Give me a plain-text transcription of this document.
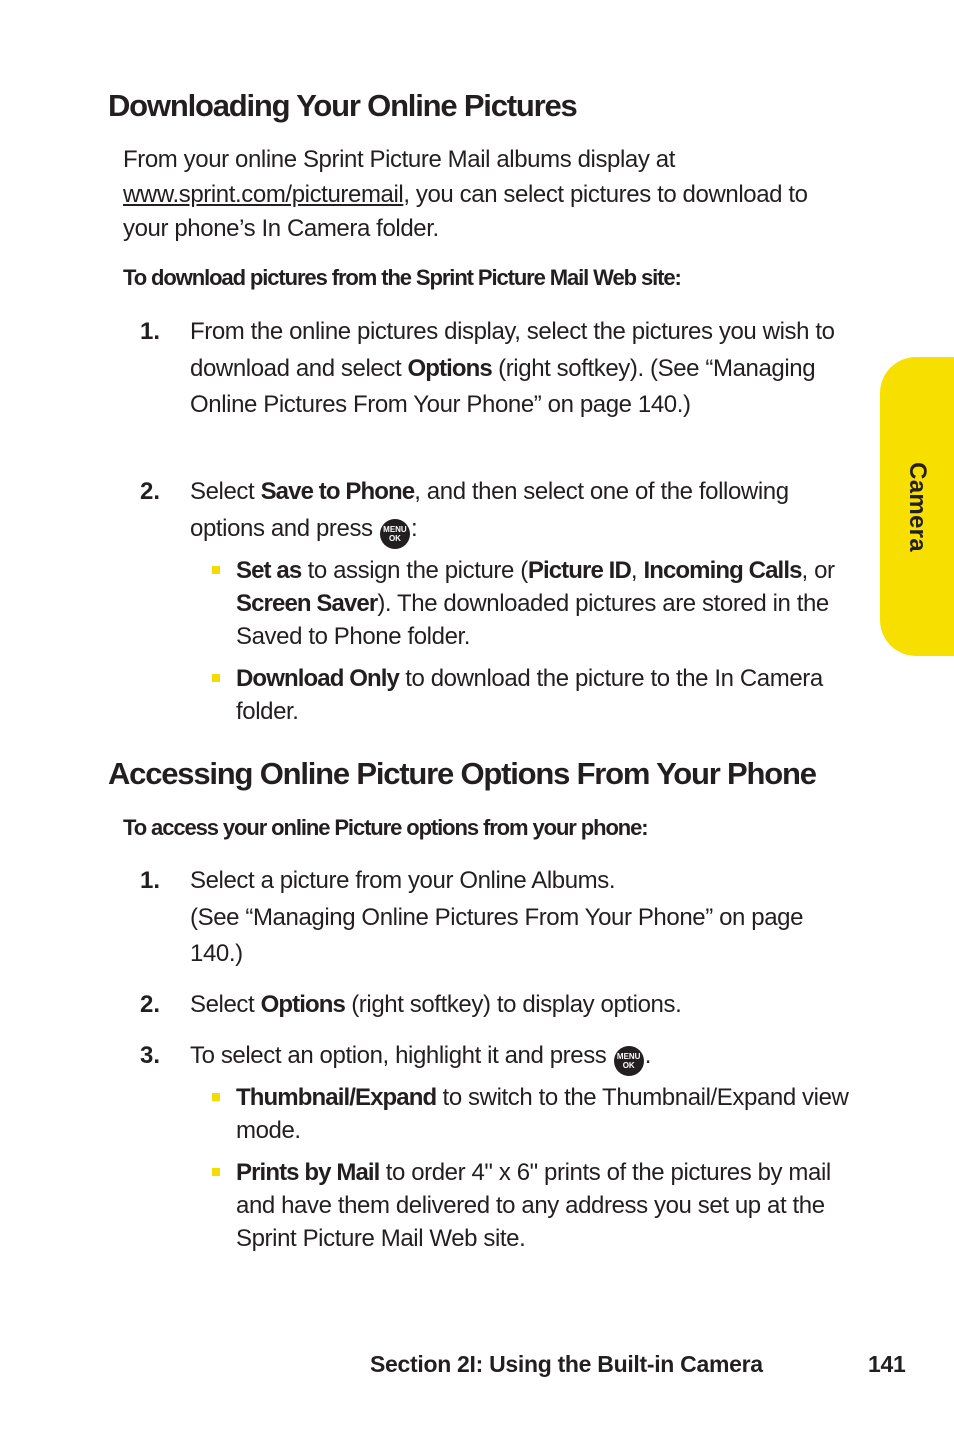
Downloading Your Online Pictures

From your online Sprint Picture Mail albums display at www.sprint.com/picturemail, you can select pictures to download to your phone’s In Camera folder.

To download pictures from the Sprint Picture Mail Web site:

1.	From the online pictures display, select the pictures you wish to download and select Options (right softkey). (See “Managing Online Pictures From Your Phone” on page 140.)
2.	Select Save to Phone, and then select one of the following options and press MENU
OK :
Set as to assign the picture (Picture ID, Incoming Calls, or Screen Saver). The downloaded pictures are stored in the Saved to Phone folder.
Download Only to download the picture to the In Camera folder.
Accessing Online Picture Options From Your Phone

To access your online Picture options from your phone:

1.	Select a picture from your Online Albums.
(See “Managing Online Pictures From Your Phone” on page 140.)
2.	Select Options (right softkey) to display options.
3.	To select an option, highlight it and press MENU
OK .
Thumbnail/Expand to switch to the Thumbnail/Expand view mode.
Prints by Mail to order 4" x 6" prints of the pictures by mail and have them delivered to any address you set up at the Sprint Picture Mail Web site.
Camera
Section 2I: Using the Built-in Camera	141
